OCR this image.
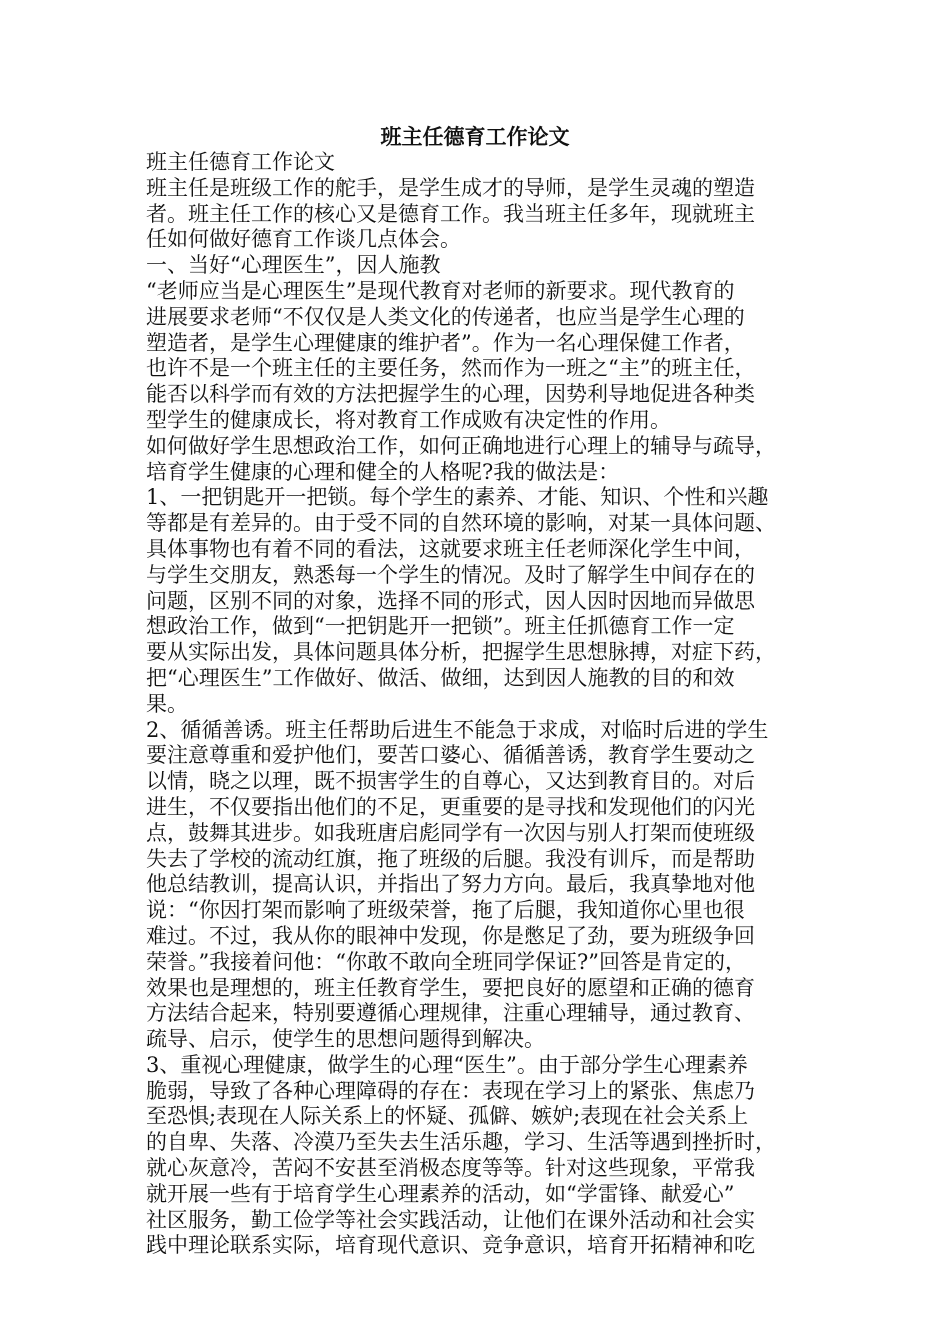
班主任德育工作论文
班主任德育工作论文
班主任是班级工作的舵手，是学生成才的导师，是学生灵魂的塑造
者。班主任工作的核心又是德育工作。我当班主任多年，现就班主
任如何做好德育工作谈几点体会。
一、当好“心理医生”，因人施教
“老师应当是心理医生”是现代教育对老师的新要求。现代教育的
进展要求老师“不仅仅是人类文化的传递者，也应当是学生心理的
塑造者，是学生心理健康的维护者”。作为一名心理保健工作者，
也许不是一个班主任的主要任务，然而作为一班之“主”的班主任，
能否以科学而有效的方法把握学生的心理，因势利导地促进各种类
型学生的健康成长，将对教育工作成败有决定性的作用。
如何做好学生思想政治工作，如何正确地进行心理上的辅导与疏导，
培育学生健康的心理和健全的人格呢?我的做法是：
1、一把钥匙开一把锁。每个学生的素养、才能、知识、个性和兴趣
等都是有差异的。由于受不同的自然环境的影响，对某一具体问题、
具体事物也有着不同的看法，这就要求班主任老师深化学生中间，
与学生交朋友，熟悉每一个学生的情况。及时了解学生中间存在的
问题，区别不同的对象，选择不同的形式，因人因时因地而异做思
想政治工作，做到“一把钥匙开一把锁”。班主任抓德育工作一定
要从实际出发，具体问题具体分析，把握学生思想脉搏，对症下药，
把“心理医生”工作做好、做活、做细，达到因人施教的目的和效
果。
2、循循善诱。班主任帮助后进生不能急于求成，对临时后进的学生
要注意尊重和爱护他们，要苦口婆心、循循善诱，教育学生要动之
以情，晓之以理，既不损害学生的自尊心，又达到教育目的。对后
进生，不仅要指出他们的不足，更重要的是寻找和发现他们的闪光
点，鼓舞其进步。如我班唐启彪同学有一次因与别人打架而使班级
失去了学校的流动红旗，拖了班级的后腿。我没有训斥，而是帮助
他总结教训，提高认识，并指出了努力方向。最后，我真挚地对他
说：“你因打架而影响了班级荣誉，拖了后腿，我知道你心里也很
难过。不过，我从你的眼神中发现，你是憋足了劲，要为班级争回
荣誉。”我接着问他：“你敢不敢向全班同学保证?”回答是肯定的，
效果也是理想的，班主任教育学生，要把良好的愿望和正确的德育
方法结合起来，特别要遵循心理规律，注重心理辅导，通过教育、
疏导、启示，使学生的思想问题得到解决。
3、重视心理健康，做学生的心理“医生”。由于部分学生心理素养
脆弱，导致了各种心理障碍的存在：表现在学习上的紧张、焦虑乃
至恐惧;表现在人际关系上的怀疑、孤僻、嫉妒;表现在社会关系上
的自卑、失落、冷漠乃至失去生活乐趣，学习、生活等遇到挫折时，
就心灰意冷，苦闷不安甚至消极态度等等。针对这些现象，平常我
就开展一些有于培育学生心理素养的活动，如“学雷锋、献爱心”
社区服务，勤工俭学等社会实践活动，让他们在课外活动和社会实
践中理论联系实际，培育现代意识、竞争意识，培育开拓精神和吃
